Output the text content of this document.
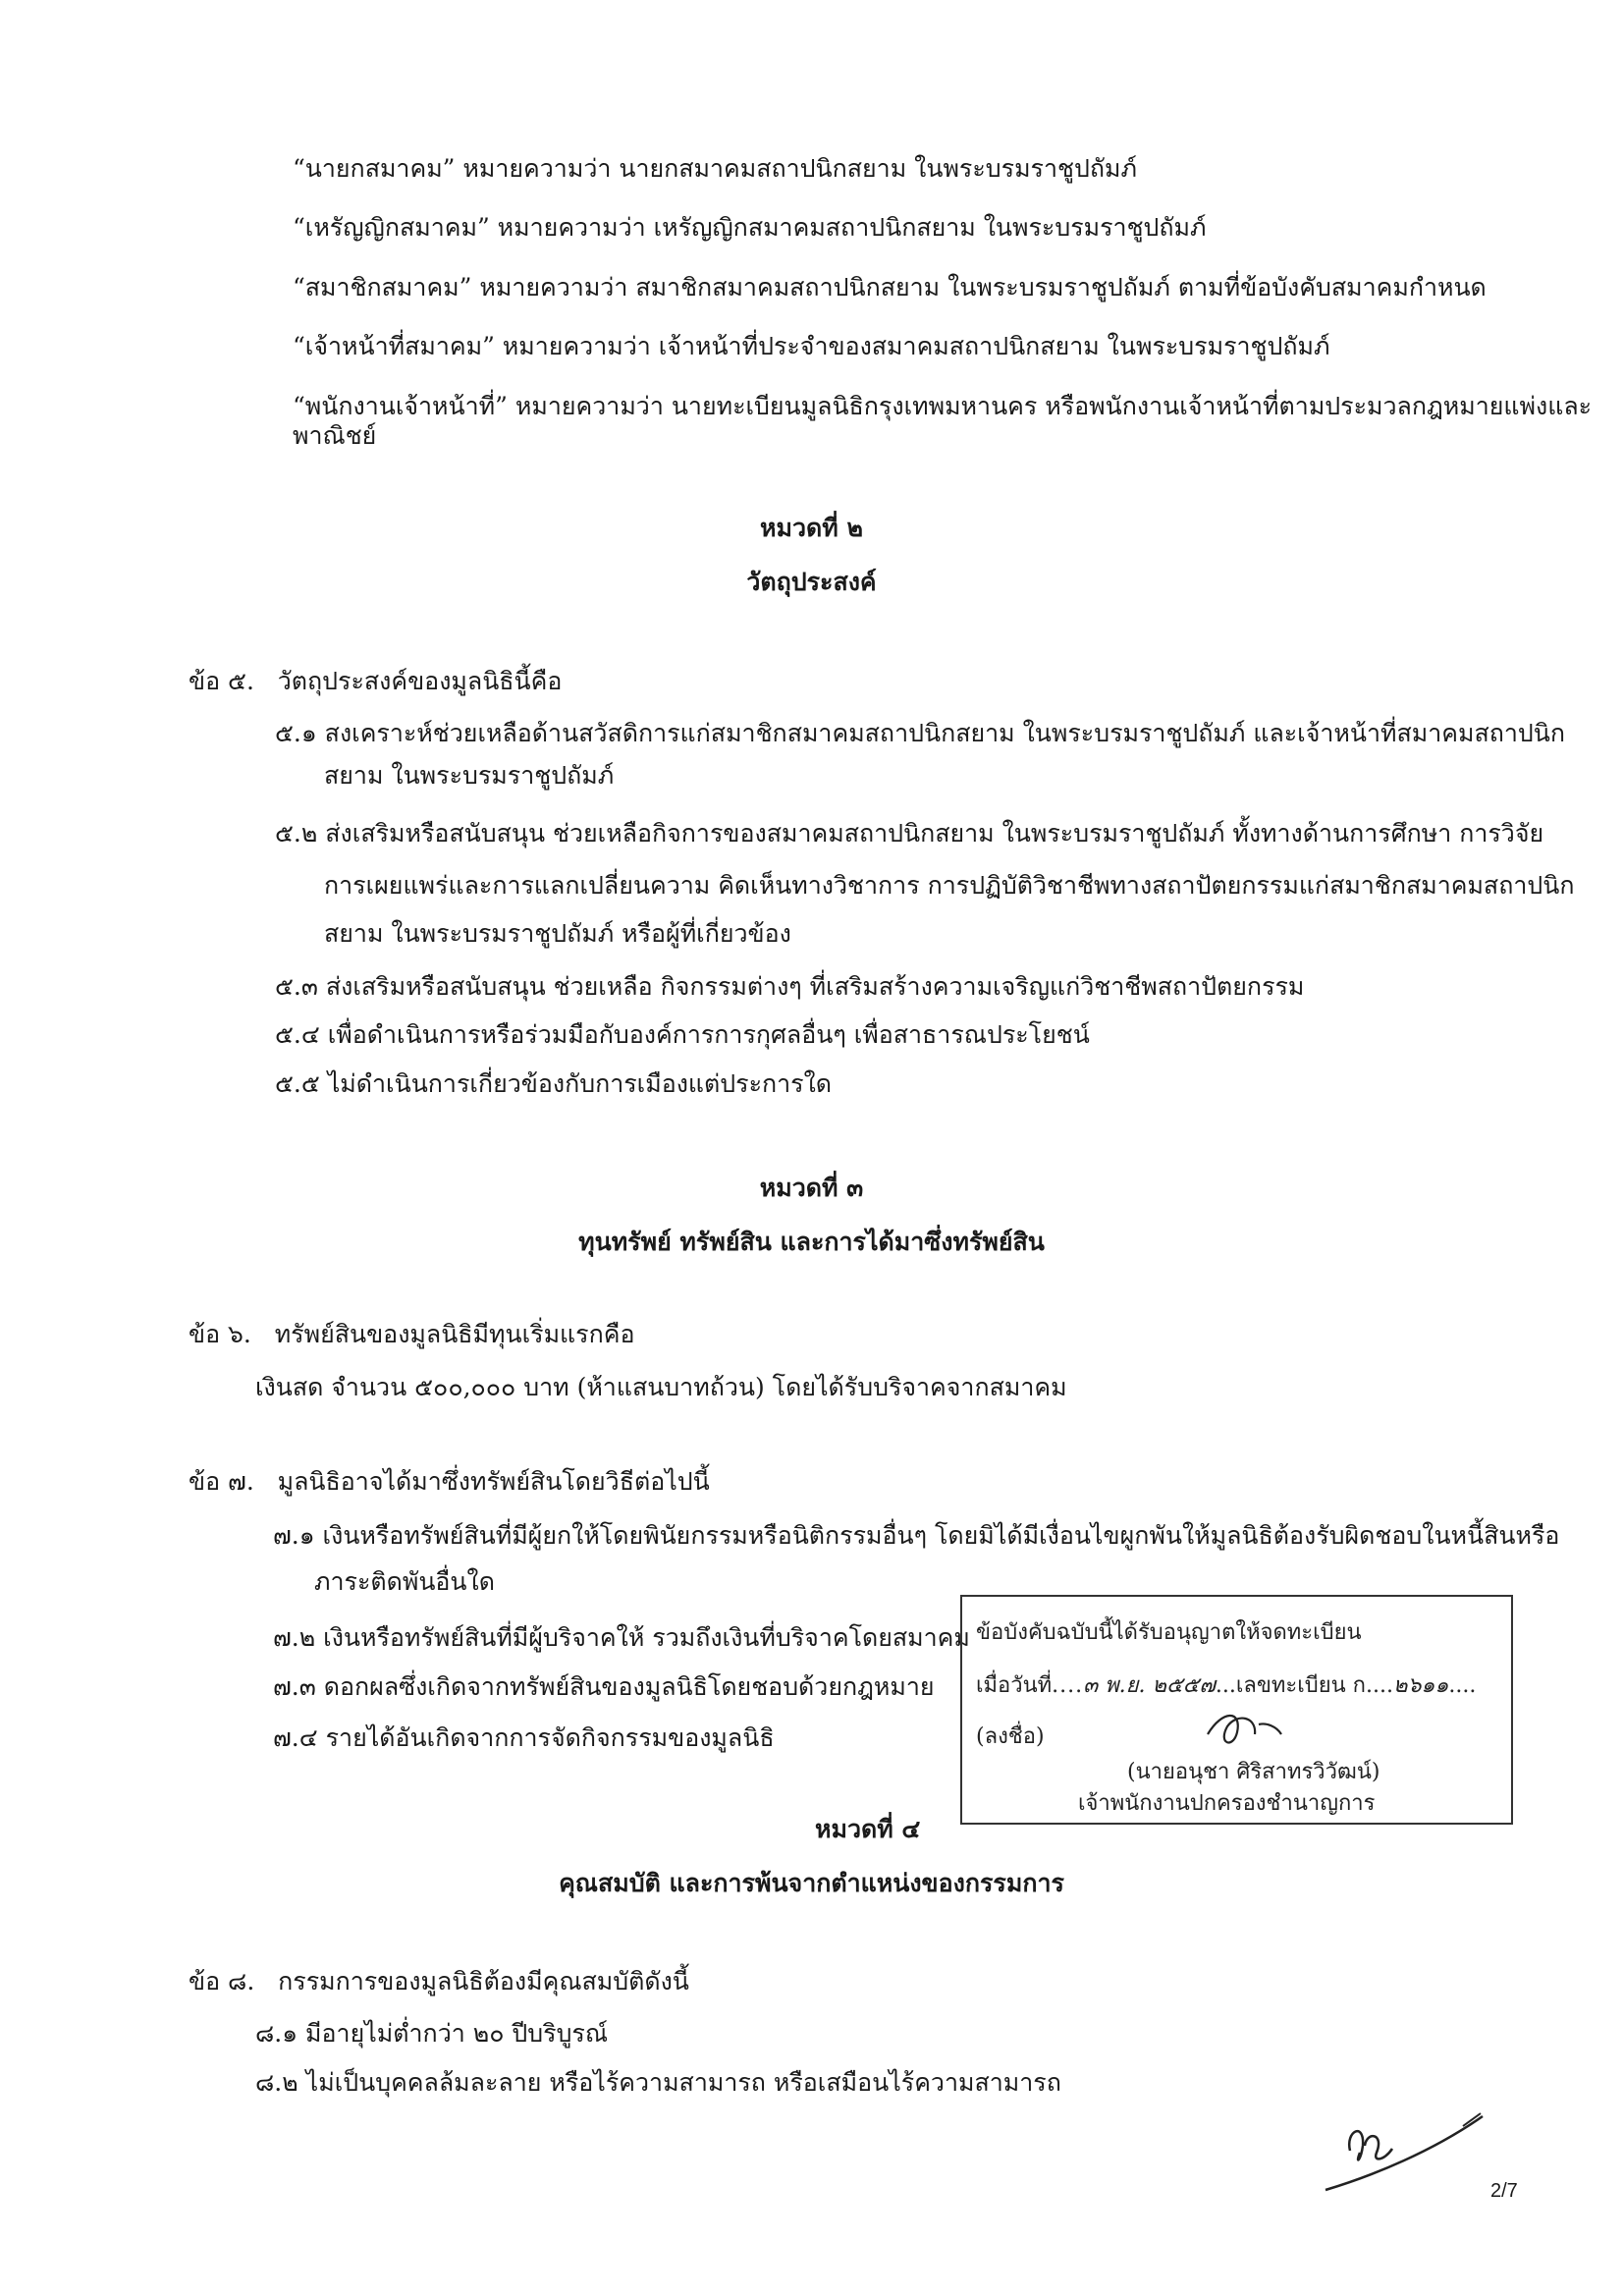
“นายกสมาคม” หมายความว่า นายกสมาคมสถาปนิกสยาม ในพระบรมราชูปถัมภ์
“เหรัญญิกสมาคม” หมายความว่า เหรัญญิกสมาคมสถาปนิกสยาม ในพระบรมราชูปถัมภ์
“สมาชิกสมาคม” หมายความว่า สมาชิกสมาคมสถาปนิกสยาม ในพระบรมราชูปถัมภ์ ตามที่ข้อบังคับสมาคมกำหนด
“เจ้าหน้าที่สมาคม” หมายความว่า เจ้าหน้าที่ประจำของสมาคมสถาปนิกสยาม ในพระบรมราชูปถัมภ์
“พนักงานเจ้าหน้าที่” หมายความว่า นายทะเบียนมูลนิธิกรุงเทพมหานคร หรือพนักงานเจ้าหน้าที่ตามประมวลกฎหมายแพ่งและ
พาณิชย์
หมวดที่ ๒
วัตถุประสงค์
ข้อ ๕.   วัตถุประสงค์ของมูลนิธินี้คือ
๕.๑ สงเคราะห์ช่วยเหลือด้านสวัสดิการแก่สมาชิกสมาคมสถาปนิกสยาม ในพระบรมราชูปถัมภ์ และเจ้าหน้าที่สมาคมสถาปนิก
สยาม ในพระบรมราชูปถัมภ์
๕.๒ ส่งเสริมหรือสนับสนุน ช่วยเหลือกิจการของสมาคมสถาปนิกสยาม ในพระบรมราชูปถัมภ์ ทั้งทางด้านการศึกษา การวิจัย
การเผยแพร่และการแลกเปลี่ยนความ คิดเห็นทางวิชาการ การปฏิบัติวิชาชีพทางสถาปัตยกรรมแก่สมาชิกสมาคมสถาปนิก
สยาม ในพระบรมราชูปถัมภ์ หรือผู้ที่เกี่ยวข้อง
๕.๓ ส่งเสริมหรือสนับสนุน ช่วยเหลือ กิจกรรมต่างๆ ที่เสริมสร้างความเจริญแก่วิชาชีพสถาปัตยกรรม
๕.๔ เพื่อดำเนินการหรือร่วมมือกับองค์การการกุศลอื่นๆ เพื่อสาธารณประโยชน์
๕.๕ ไม่ดำเนินการเกี่ยวข้องกับการเมืองแต่ประการใด
หมวดที่ ๓
ทุนทรัพย์ ทรัพย์สิน และการได้มาซึ่งทรัพย์สิน
ข้อ ๖.   ทรัพย์สินของมูลนิธิมีทุนเริ่มแรกคือ
เงินสด จำนวน ๕๐๐,๐๐๐ บาท (ห้าแสนบาทถ้วน) โดยได้รับบริจาคจากสมาคม
ข้อ ๗.   มูลนิธิอาจได้มาซึ่งทรัพย์สินโดยวิธีต่อไปนี้
๗.๑ เงินหรือทรัพย์สินที่มีผู้ยกให้โดยพินัยกรรมหรือนิติกรรมอื่นๆ โดยมิได้มีเงื่อนไขผูกพันให้มูลนิธิต้องรับผิดชอบในหนี้สินหรือ
ภาระติดพันอื่นใด
๗.๒ เงินหรือทรัพย์สินที่มีผู้บริจาคให้ รวมถึงเงินที่บริจาคโดยสมาคม
๗.๓ ดอกผลซึ่งเกิดจากทรัพย์สินของมูลนิธิโดยชอบด้วยกฎหมาย
๗.๔ รายได้อันเกิดจากการจัดกิจกรรมของมูลนิธิ
ข้อบังคับฉบับนี้ได้รับอนุญาตให้จดทะเบียน
เมื่อวันที่....๓ พ.ย. ๒๕๕๗...เลขทะเบียน ก....๒๖๑๑....
(ลงชื่อ)
(นายอนุชา ศิริสาทรวิวัฒน์)
เจ้าพนักงานปกครองชำนาญการ
หมวดที่ ๔
คุณสมบัติ และการพ้นจากตำแหน่งของกรรมการ
ข้อ ๘.   กรรมการของมูลนิธิต้องมีคุณสมบัติดังนี้
๘.๑ มีอายุไม่ต่ำกว่า ๒๐ ปีบริบูรณ์
๘.๒ ไม่เป็นบุคคลล้มละลาย หรือไร้ความสามารถ หรือเสมือนไร้ความสามารถ
2/7
